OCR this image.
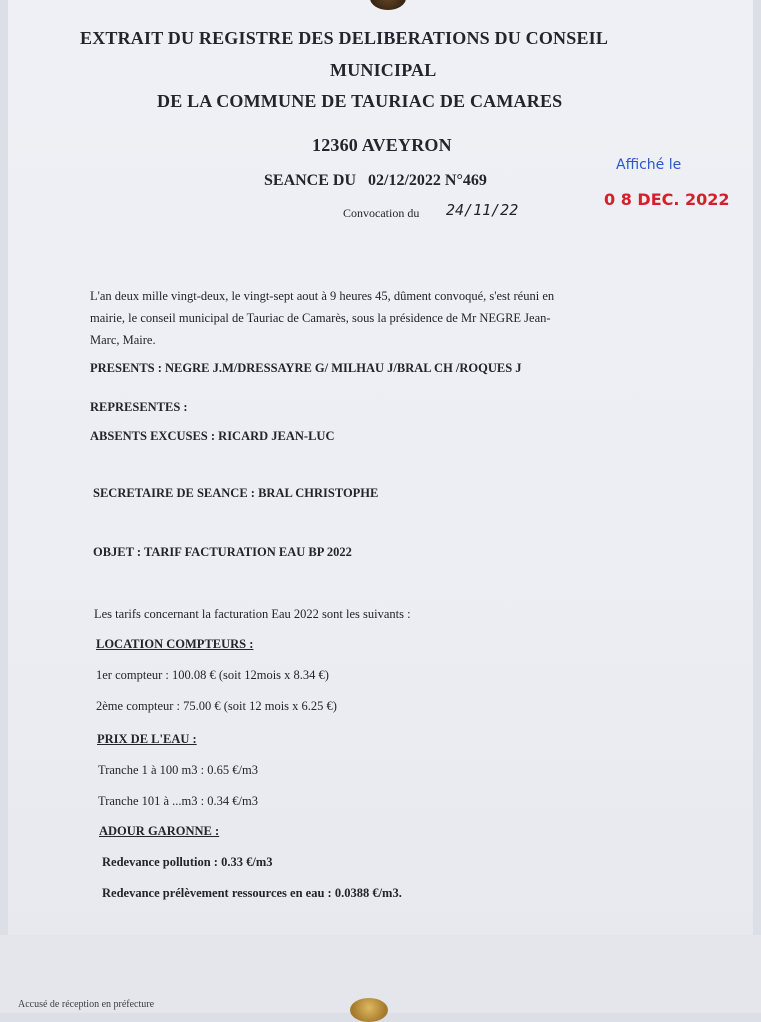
EXTRAIT DU REGISTRE DES DELIBERATIONS DU CONSEIL
MUNICIPAL
DE LA COMMUNE DE TAURIAC DE CAMARES
12360 AVEYRON
SEANCE DU   02/12/2022 N°469
Convocation du 24/11/22
Affiché le
0 8 DEC. 2022
L'an deux mille vingt-deux, le vingt-sept aout à 9 heures 45, dûment convoqué, s'est réuni en
mairie, le conseil municipal de Tauriac de Camarès, sous la présidence de Mr NEGRE Jean-
Marc, Maire.
PRESENTS : NEGRE J.M/DRESSAYRE G/ MILHAU J/BRAL CH /ROQUES J
REPRESENTES :
ABSENTS EXCUSES : RICARD JEAN-LUC
SECRETAIRE DE SEANCE : BRAL CHRISTOPHE
OBJET : TARIF FACTURATION EAU BP 2022
Les tarifs concernant la facturation Eau 2022 sont les suivants :
LOCATION COMPTEURS :
1er compteur : 100.08 € (soit 12mois x 8.34 €)
2ème compteur : 75.00 € (soit 12 mois x 6.25 €)
PRIX DE L'EAU :
Tranche 1 à 100 m3 : 0.65 €/m3
Tranche 101 à ...m3 : 0.34 €/m3
ADOUR GARONNE :
Redevance pollution : 0.33 €/m3
Redevance prélèvement ressources en eau : 0.0388 €/m3.
Accusé de réception en préfecture
